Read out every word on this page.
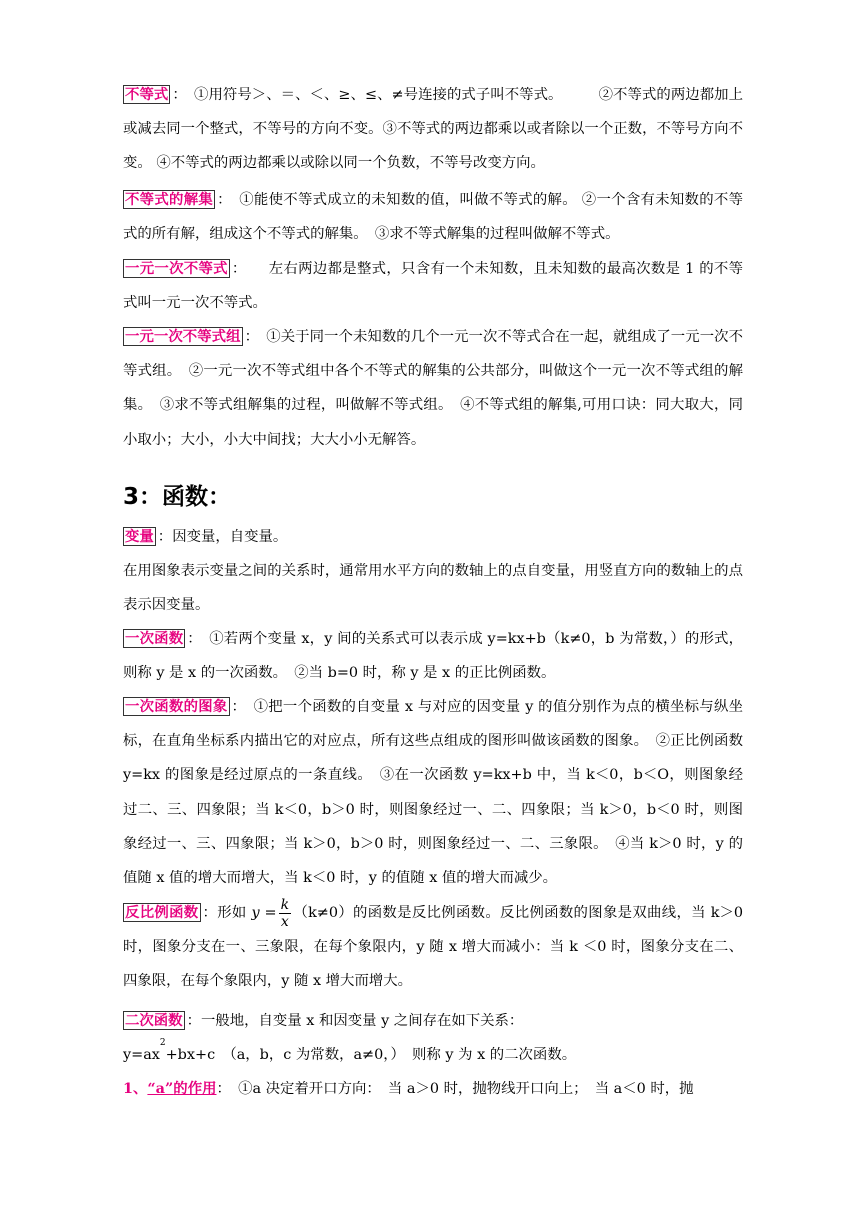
不等式 ：　①用符号＞、＝、＜、≥、≤、≠号连接的式子叫不等式。　　　②不等式的两边都加上或减去同一个整式，不等号的方向不变。③不等式的两边都乘以或者除以一个正数，不等号方向不变。 ④不等式的两边都乘以或除以同一个负数，不等号改变方向。
不等式的解集 ：　①能使不等式成立的未知数的值，叫做不等式的解。 ②一个含有未知数的不等式的所有解，组成这个不等式的解集。　③求不等式解集的过程叫做解不等式。
一元一次不等式 ：　　左右两边都是整式，只含有一个未知数，且未知数的最高次数是 1 的不等式叫一元一次不等式。
一元一次不等式组 ：　①关于同一个未知数的几个一元一次不等式合在一起，就组成了一元一次不等式组。　②一元一次不等式组中各个不等式的解集的公共部分，叫做这个一元一次不等式组的解集。　③求不等式组解集的过程，叫做解不等式组。　④不等式组的解集,可用口诀：同大取大，同小取小；大小，小大中间找；大大小小无解答。
3：函数：
变量 ：因变量，自变量。
在用图象表示变量之间的关系时，通常用水平方向的数轴上的点自变量，用竖直方向的数轴上的点表示因变量。
一次函数 ：　①若两个变量 x，y 间的关系式可以表示成 y=kx+b（k≠0，b 为常数，）的形式，则称 y 是 x 的一次函数。　②当 b=0 时，称 y 是 x 的正比例函数。
一次函数的图象 ：　①把一个函数的自变量 x 与对应的因变量 y 的值分别作为点的横坐标与纵坐标，在直角坐标系内描出它的对应点，所有这些点组成的图形叫做该函数的图象。　②正比例函数 y=kx 的图象是经过原点的一条直线。　③在一次函数 y=kx+b 中，当 k＜0，b＜O，则图象经过二、三、四象限；当 k＜0，b＞0 时，则图象经过一、二、四象限；当 k＞0，b＜0 时，则图象经过一、三、四象限；当 k＞0，b＞0 时，则图象经过一、二、三象限。　④当 k＞0 时，y 的值随 x 值的增大而增大，当 k＜0 时，y 的值随 x 值的增大而减少。
反比例函数 ：形如 $y = \frac{k}{x} (k\ne 0)$的函数是反比例函数。反比例函数的图象是双曲线，当 k＞0 时，图象分支在一、三象限，在每个象限内，y 随 x 增大而减小：当 k ＜0 时，图象分支在二、四象限，在每个象限内，y 随 x 增大而增大。
二次函数 ：一般地，自变量 x 和因变量 y 之间存在如下关系：
$y=ax^2+bx+c$　（a，b，c 为常数，a≠0，）　则称 y 为 x 的二次函数。
1、“a”的作用：　①a 决定着开口方向：　当 a＞0 时，抛物线开口向上；　当 a＜0 时，抛
